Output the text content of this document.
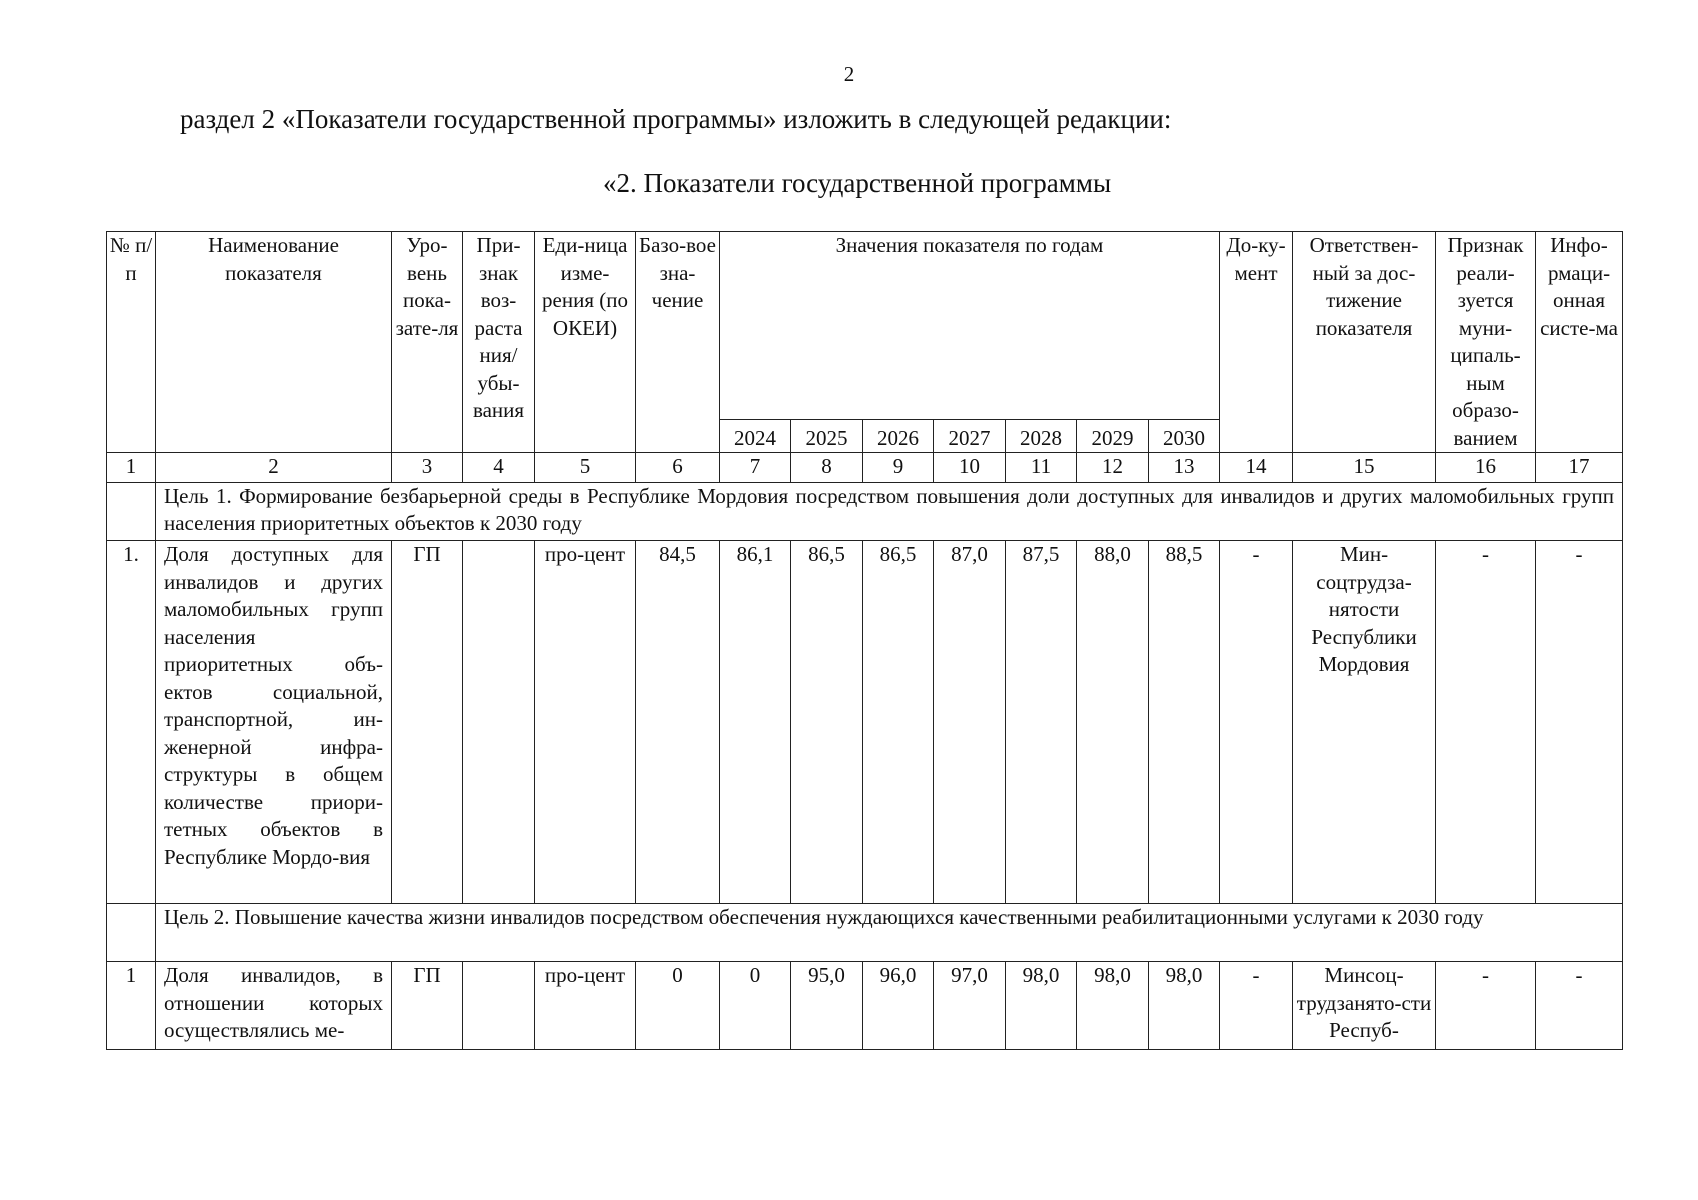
2
раздел 2 «Показатели государственной программы» изложить в следующей редакции:
«2. Показатели государственной программы
№ п/п	Наименование показателя	Уро-вень пока-зате-ля	При-знак воз-раста ния/ убы-вания	Еди-ница изме-рения (по ОКЕИ)	Базо-вое зна-чение	Значения показателя по годам							До-ку-мент	Ответствен-ный за дос-тижение показателя	Признак реали-зуется муни-ципаль-ным образо-ванием	Инфо-рмаци-онная систе-ма
						2024	2025	2026	2027	2028	2029	2030				
1	2	3	4	5	6	7	8	9	10	11	12	13	14	15	16	17
	Цель 1. Формирование безбарьерной среды в Республике Мордовия посредством повышения доли доступных для инвалидов и других маломобильных групп населения приоритетных объектов к 2030 году															
1.	Доля доступных для инвалидов и других маломобильных групп населения приоритетных объ-ектов социальной, транспортной, ин-женерной инфра-структуры в общем количестве приори-тетных объектов в Республике Мордо-вия	ГП		про-цент	84,5	86,1	86,5	86,5	87,0	87,5	88,0	88,5	-	Мин-соцтрудза-нятости Республики Мордовия	-	-
	Цель 2. Повышение качества жизни инвалидов посредством обеспечения нуждающихся качественными реабилитационными услугами к 2030 году															
1	Доля инвалидов, в отношении которых осуществлялись ме-	ГП		про-цент	0	0	95,0	96,0	97,0	98,0	98,0	98,0	-	Минсоц-трудзанято-сти Респуб-	-	-
